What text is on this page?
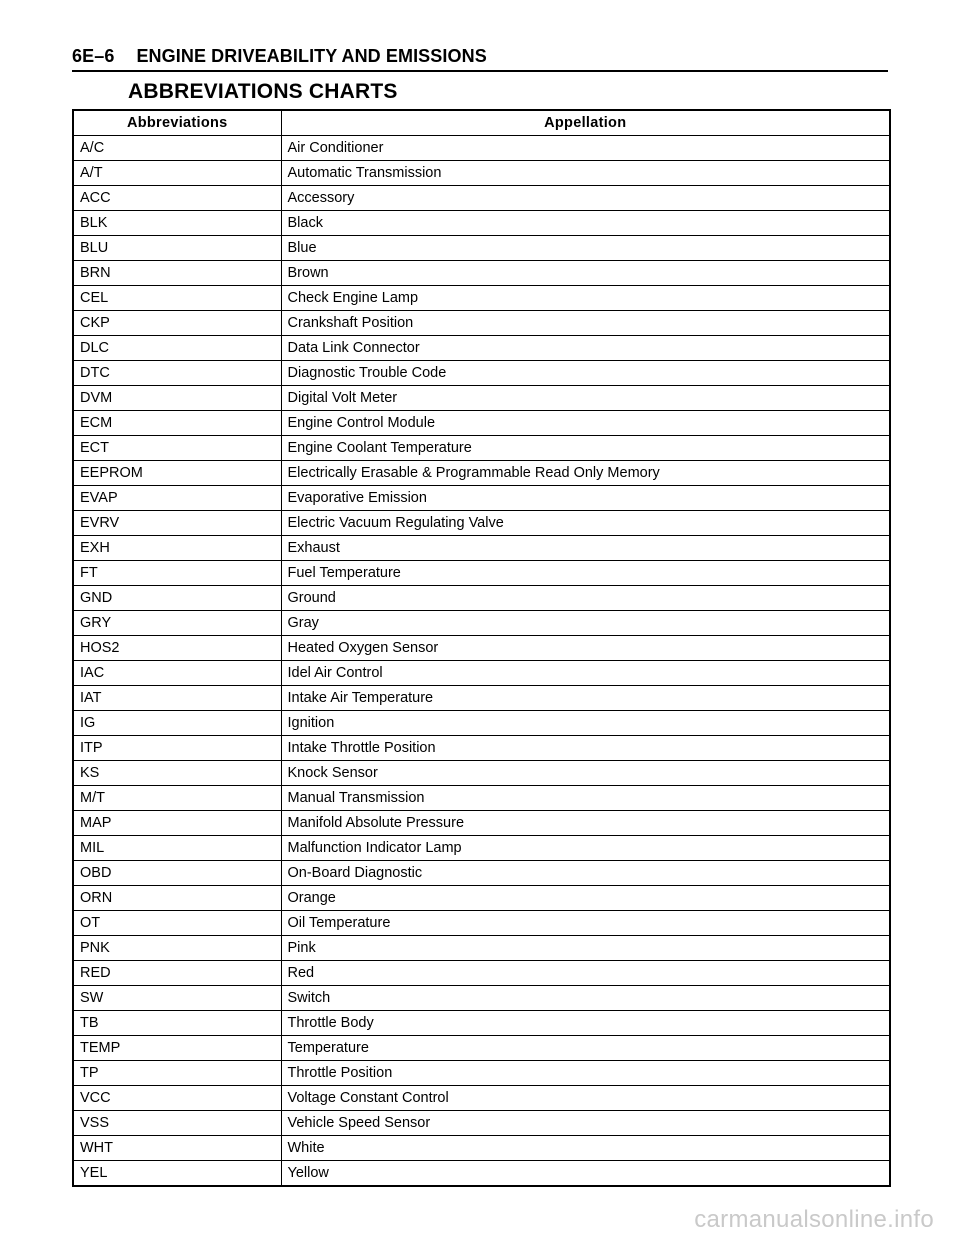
6E–6 ENGINE DRIVEABILITY AND EMISSIONS
ABBREVIATIONS CHARTS
Abbreviations	Appellation
A/C	Air Conditioner
A/T	Automatic Transmission
ACC	Accessory
BLK	Black
BLU	Blue
BRN	Brown
CEL	Check Engine Lamp
CKP	Crankshaft Position
DLC	Data Link Connector
DTC	Diagnostic Trouble Code
DVM	Digital Volt Meter
ECM	Engine Control Module
ECT	Engine Coolant Temperature
EEPROM	Electrically Erasable & Programmable Read Only Memory
EVAP	Evaporative Emission
EVRV	Electric Vacuum Regulating Valve
EXH	Exhaust
FT	Fuel Temperature
GND	Ground
GRY	Gray
HOS2	Heated Oxygen Sensor
IAC	Idel Air Control
IAT	Intake Air Temperature
IG	Ignition
ITP	Intake Throttle Position
KS	Knock Sensor
M/T	Manual Transmission
MAP	Manifold Absolute Pressure
MIL	Malfunction Indicator Lamp
OBD	On-Board Diagnostic
ORN	Orange
OT	Oil Temperature
PNK	Pink
RED	Red
SW	Switch
TB	Throttle Body
TEMP	Temperature
TP	Throttle Position
VCC	Voltage Constant Control
VSS	Vehicle Speed Sensor
WHT	White
YEL	Yellow
carmanualsonline.info
